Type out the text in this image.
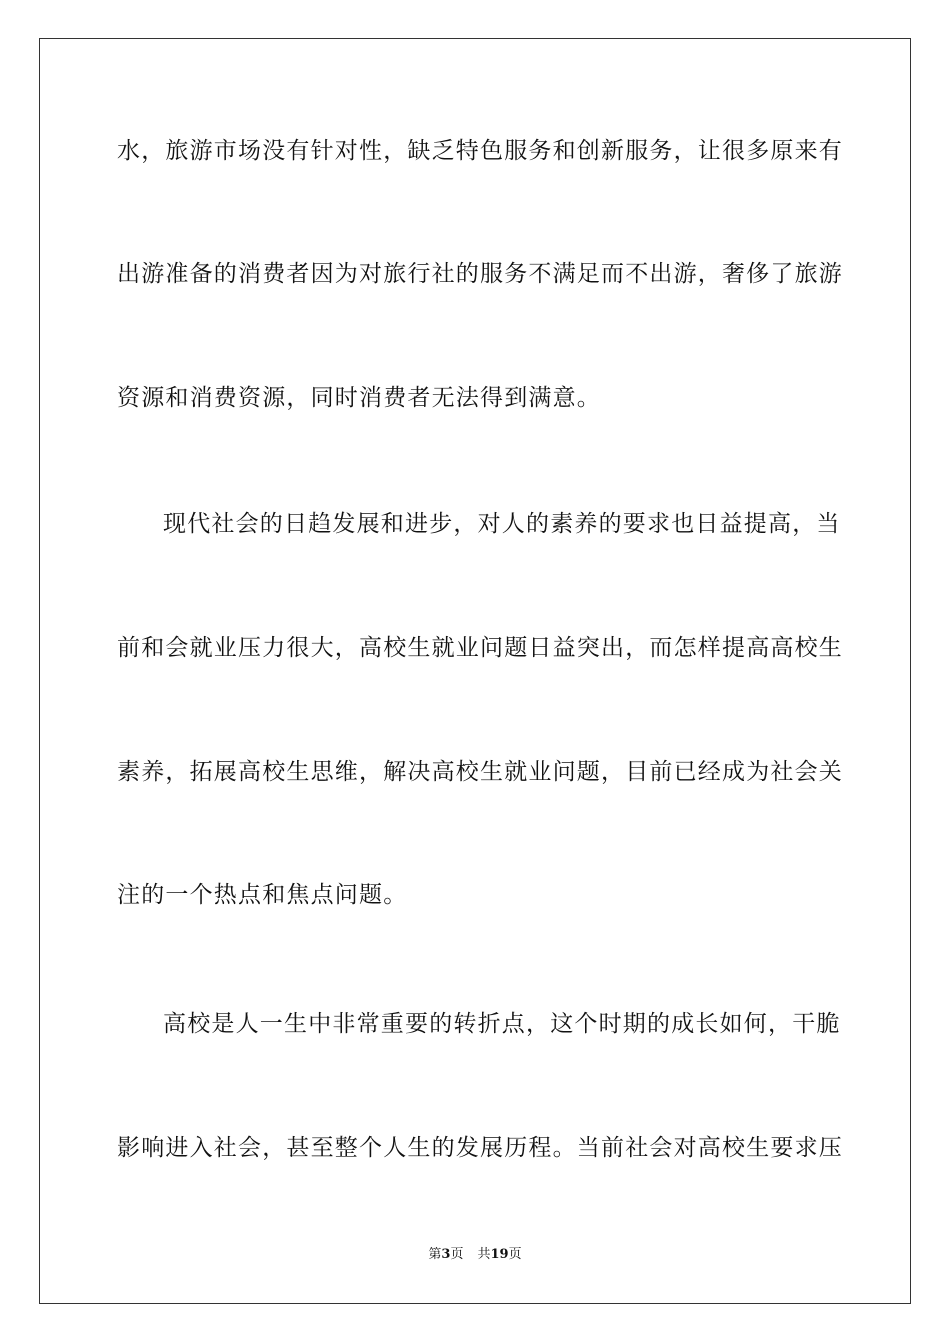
水，旅游市场没有针对性，缺乏特色服务和创新服务，让很多原来有
出游准备的消费者因为对旅行社的服务不满足而不出游，奢侈了旅游
资源和消费资源，同时消费者无法得到满意。
现代社会的日趋发展和进步，对人的素养的要求也日益提高，当
前和会就业压力很大，高校生就业问题日益突出，而怎样提高高校生
素养，拓展高校生思维，解决高校生就业问题，目前已经成为社会关
注的一个热点和焦点问题。
高校是人一生中非常重要的转折点，这个时期的成长如何，干脆
影响进入社会，甚至整个人生的发展历程。当前社会对高校生要求压
第3页 共19页
